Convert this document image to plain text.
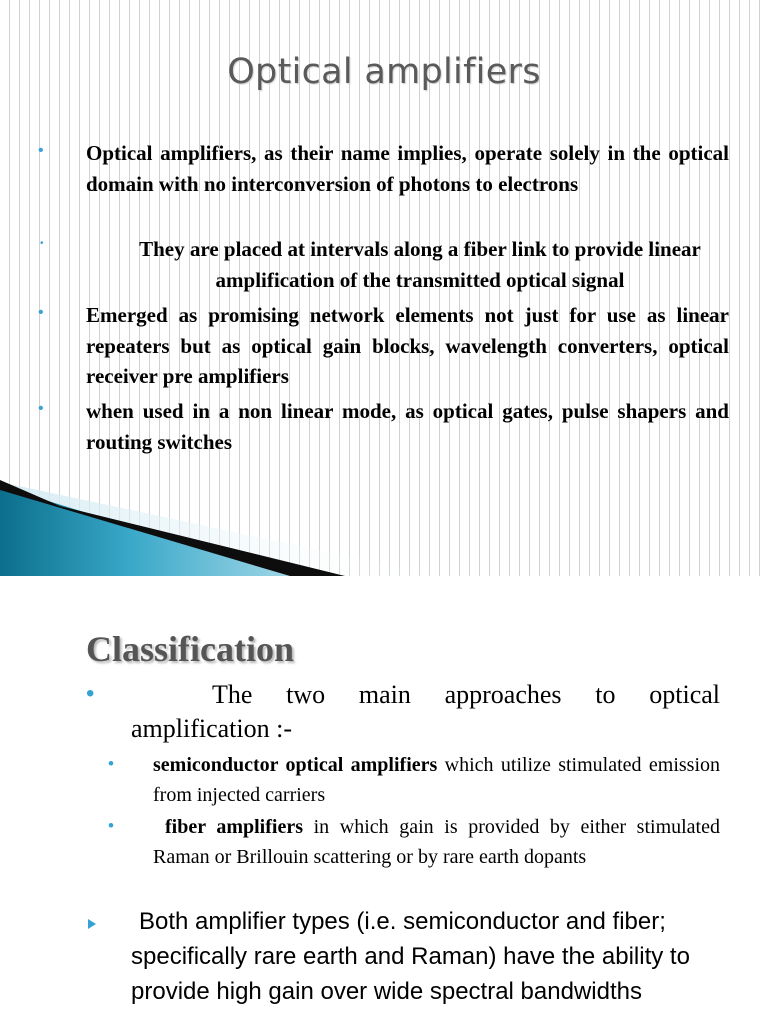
Optical amplifiers
• Optical amplifiers, as their name implies, operate solely in the optical domain with no interconversion of photons to electrons
•	They are placed at intervals along a fiber link to provide linear amplification of the transmitted optical signal
• Emerged as promising network elements not just for use as linear repeaters but as optical gain blocks, wavelength converters, optical receiver pre amplifiers
• when used in a non linear mode, as optical gates, pulse shapers and routing switches
Classification
•	The two main approaches to optical amplification :-
• semiconductor optical amplifiers which utilize stimulated emission from injected carriers
•	fiber amplifiers in which gain is provided by either stimulated Raman or Brillouin scattering or by rare earth dopants
Both amplifier types (i.e. semiconductor and fiber; specifically rare earth and Raman) have the ability to provide high gain over wide spectral bandwidths
